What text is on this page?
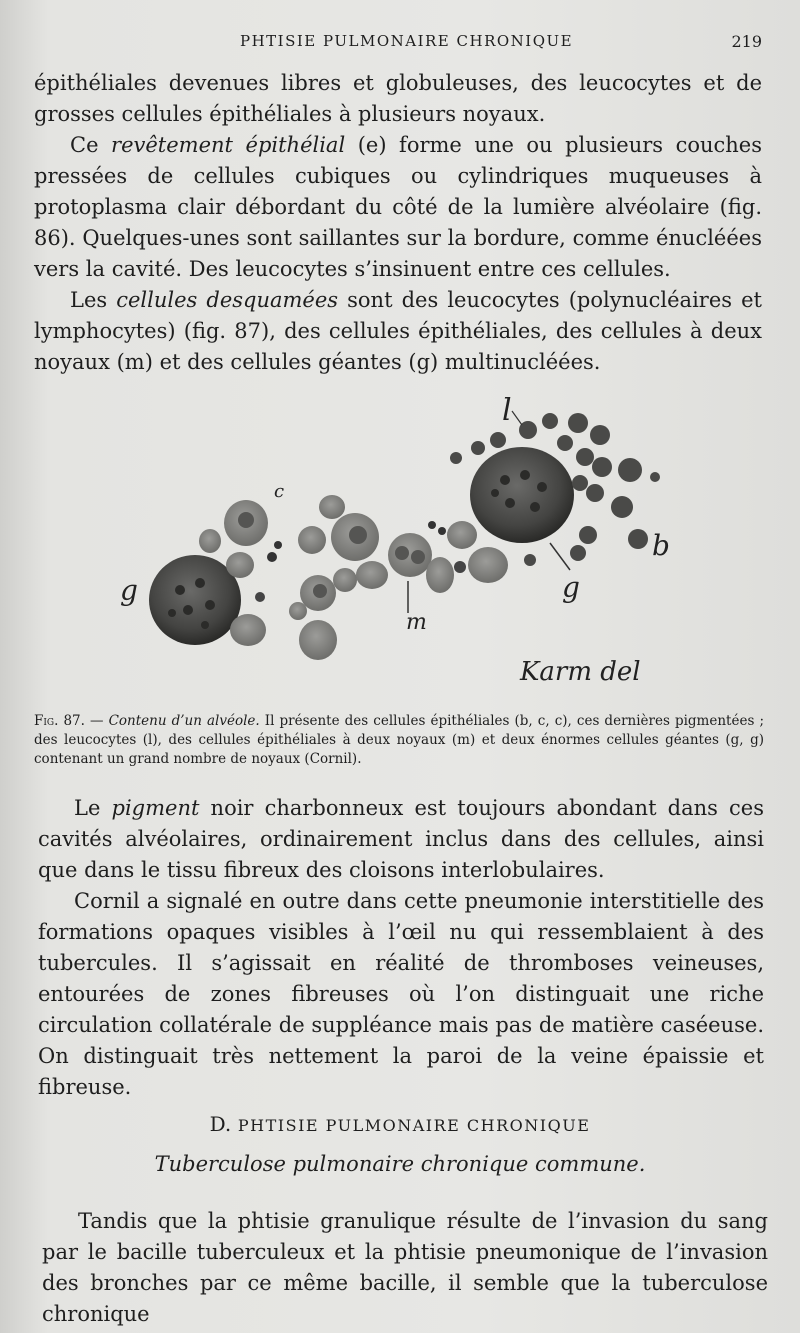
PHTISIE PULMONAIRE CHRONIQUE	219

épithéliales devenues libres et globuleuses, des leucocytes et de grosses cellules épithéliales à plusieurs noyaux.

Ce revêtement épithélial (e) forme une ou plusieurs couches pressées de cellules cubiques ou cylindriques muqueuses à protoplasma clair débordant du côté de la lumière alvéolaire (fig. 86). Quelques-unes sont saillantes sur la bordure, comme énucléées vers la cavité. Des leucocytes s’insinuent entre ces cellules.

Les cellules desquamées sont des leucocytes (polynucléaires et lymphocytes) (fig. 87), des cellules épithéliales, des cellules à deux noyaux (m) et des cellules géantes (g) multinucléées.

l
c
b
g	g
m
Karm del
Fig. 87. — Contenu d’un alvéole. Il présente des cellules épithéliales (b, c, c), ces dernières pigmentées ; des leucocytes (l), des cellules épithéliales à deux noyaux (m) et deux énormes cellules géantes (g, g) contenant un grand nombre de noyaux (Cornil).

Le pigment noir charbonneux est toujours abondant dans ces cavités alvéolaires, ordinairement inclus dans des cellules, ainsi que dans le tissu fibreux des cloisons interlobulaires.

Cornil a signalé en outre dans cette pneumonie interstitielle des formations opaques visibles à l’œil nu qui ressemblaient à des tubercules. Il s’agissait en réalité de thromboses veineuses, entourées de zones fibreuses où l’on distinguait une riche circulation collatérale de suppléance mais pas de matière caséeuse. On distinguait très nettement la paroi de la veine épaissie et fibreuse.

D. PHTISIE PULMONAIRE CHRONIQUE
Tuberculose pulmonaire chronique commune.

Tandis que la phtisie granulique résulte de l’invasion du sang par le bacille tuberculeux et la phtisie pneumonique de l’invasion des bronches par ce même bacille, il semble que la tuberculose chronique
